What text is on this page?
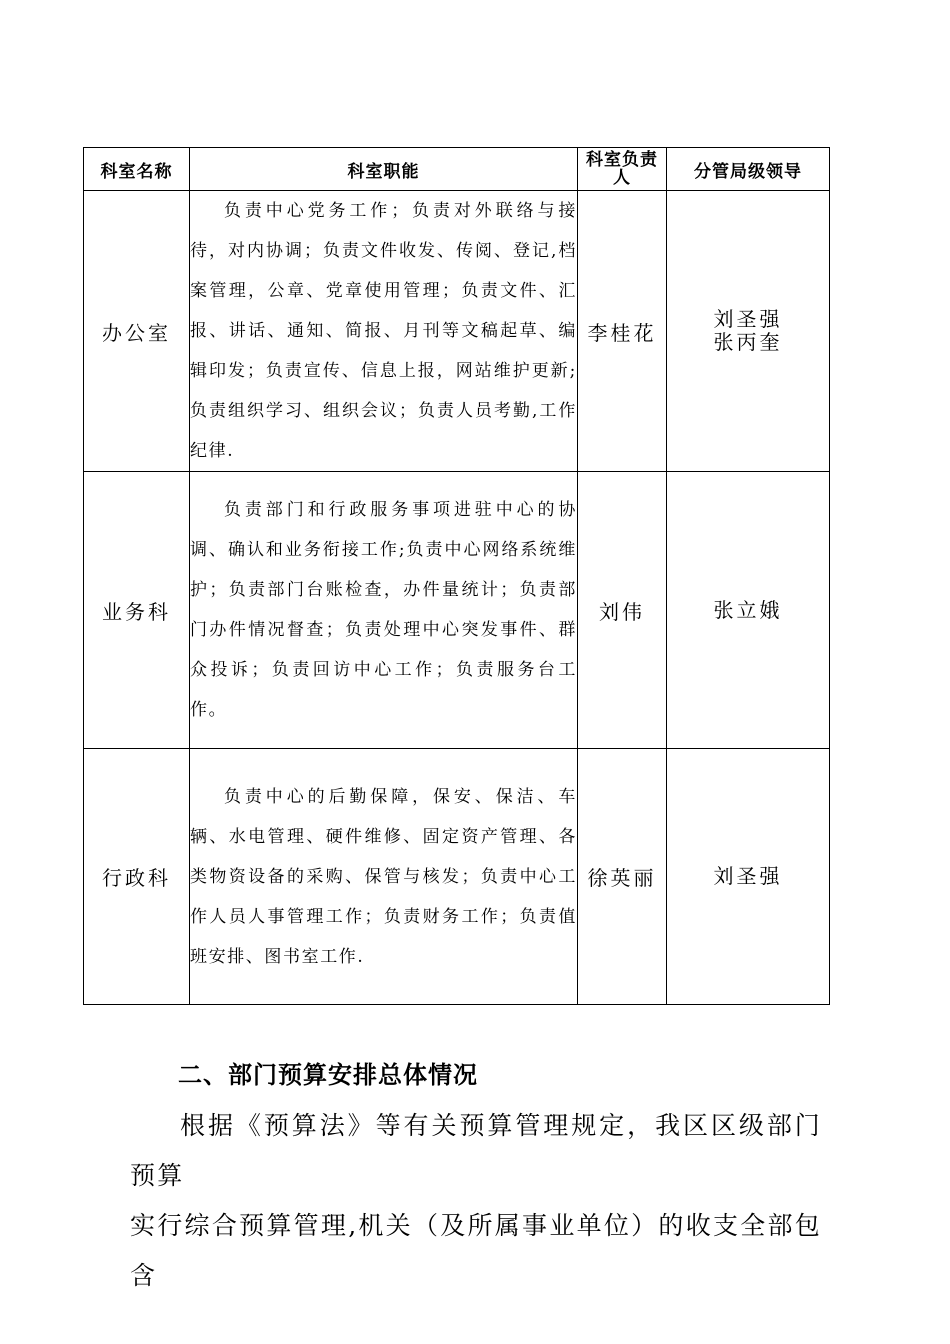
科室名称	科室职能	科室负责人	分管局级领导
办公室	负责中心党务工作；负责对外联络与接待，对内协调；负责文件收发、传阅、登记,档案管理，公章、党章使用管理；负责文件、汇报、讲话、通知、简报、月刊等文稿起草、编辑印发；负责宣传、信息上报，网站维护更新;负责组织学习、组织会议；负责人员考勤,工作纪律.	李桂花	刘圣强
张丙奎

业务科	负责部门和行政服务事项进驻中心的协调、确认和业务衔接工作;负责中心网络系统维护；负责部门台账检查，办件量统计；负责部门办件情况督查；负责处理中心突发事件、群众投诉；负责回访中心工作；负责服务台工作。	刘伟	张立娥

行政科	负责中心的后勤保障，保安、保洁、车辆、水电管理、硬件维修、固定资产管理、各类物资设备的采购、保管与核发；负责中心工作人员人事管理工作；负责财务工作；负责值班安排、图书室工作.	徐英丽	刘圣强
二、部门预算安排总体情况
根据《预算法》等有关预算管理规定，我区区级部门预算
实行综合预算管理,机关（及所属事业单位）的收支全部包含
